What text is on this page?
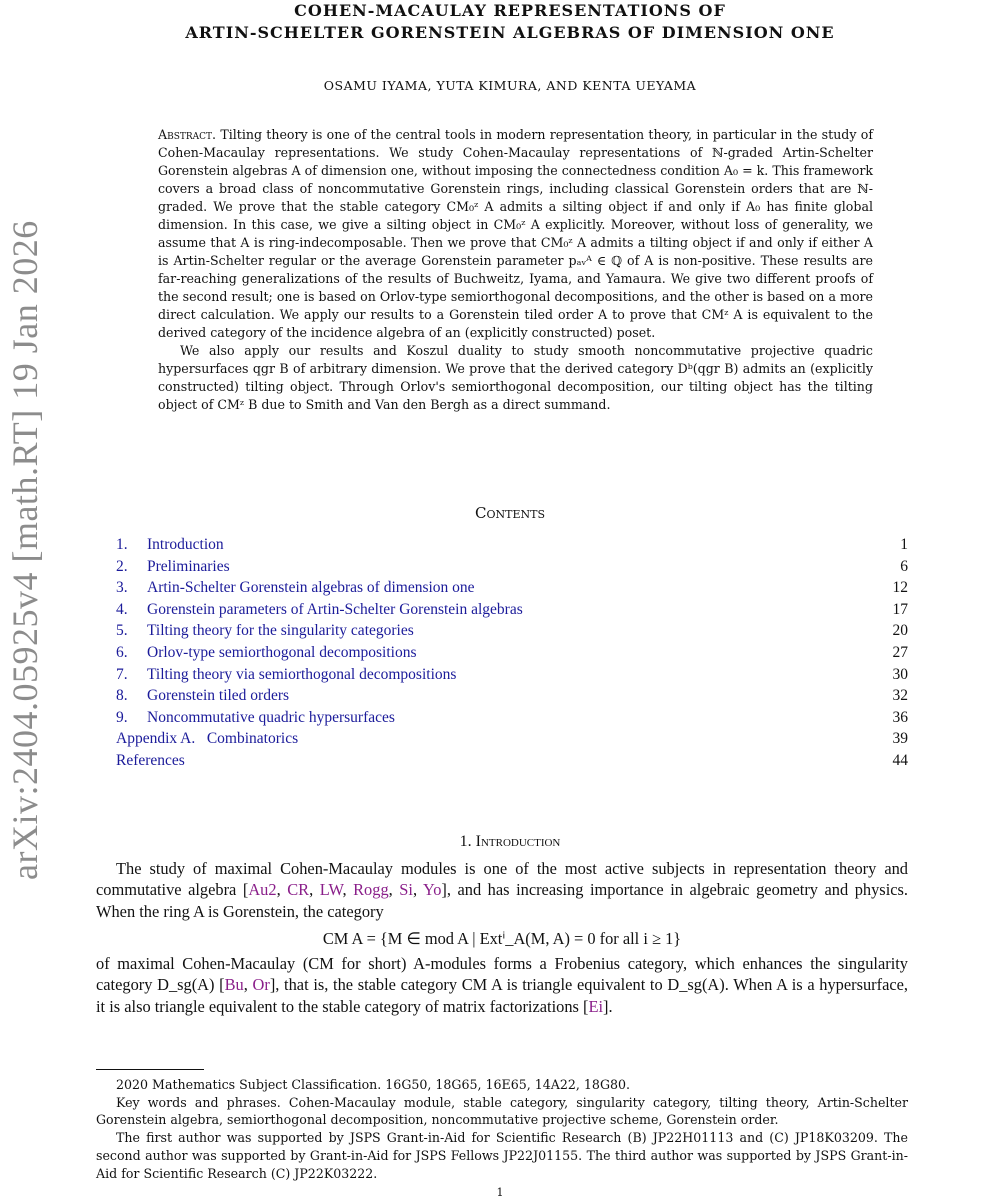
arXiv:2404.05925v4 [math.RT] 19 Jan 2026
COHEN-MACAULAY REPRESENTATIONS OF
ARTIN-SCHELTER GORENSTEIN ALGEBRAS OF DIMENSION ONE
OSAMU IYAMA, YUTA KIMURA, AND KENTA UEYAMA

Abstract. Tilting theory is one of the central tools in modern representation theory, in particular in the study of Cohen-Macaulay representations. We study Cohen-Macaulay representations of ℕ-graded Artin-Schelter Gorenstein algebras A of dimension one, without imposing the connectedness condition A₀ = k. This framework covers a broad class of noncommutative Gorenstein rings, including classical Gorenstein orders that are ℕ-graded. We prove that the stable category CM₀ᶻ A admits a silting object if and only if A₀ has finite global dimension. In this case, we give a silting object in CM₀ᶻ A explicitly. Moreover, without loss of generality, we assume that A is ring-indecomposable. Then we prove that CM₀ᶻ A admits a tilting object if and only if either A is Artin-Schelter regular or the average Gorenstein parameter pₐᵥᴬ ∈ ℚ of A is non-positive. These results are far-reaching generalizations of the results of Buchweitz, Iyama, and Yamaura. We give two different proofs of the second result; one is based on Orlov-type semiorthogonal decompositions, and the other is based on a more direct calculation. We apply our results to a Gorenstein tiled order A to prove that CMᶻ A is equivalent to the derived category of the incidence algebra of an (explicitly constructed) poset.

We also apply our results and Koszul duality to study smooth noncommutative projective quadric hypersurfaces qgr B of arbitrary dimension. We prove that the derived category Dᵇ(qgr B) admits an (explicitly constructed) tilting object. Through Orlov's semiorthogonal decomposition, our tilting object has the tilting object of CMᶻ B due to Smith and Van den Bergh as a direct summand.

Contents
1. Introduction	1
2. Preliminaries	6
3. Artin-Schelter Gorenstein algebras of dimension one	12
4. Gorenstein parameters of Artin-Schelter Gorenstein algebras	17
5. Tilting theory for the singularity categories	20
6. Orlov-type semiorthogonal decompositions	27
7. Tilting theory via semiorthogonal decompositions	30
8. Gorenstein tiled orders	32
9. Noncommutative quadric hypersurfaces	36
Appendix A.   Combinatorics	39
References	44
1. Introduction

The study of maximal Cohen-Macaulay modules is one of the most active subjects in representation theory and commutative algebra [Au2, CR, LW, Rogg, Si, Yo], and has increasing importance in algebraic geometry and physics. When the ring A is Gorenstein, the category

CM A = {M ∈ mod A | Extⁱ_A(M, A) = 0 for all i ≥ 1}

of maximal Cohen-Macaulay (CM for short) A-modules forms a Frobenius category, which enhances the singularity category D_sg(A) [Bu, Or], that is, the stable category CM A is triangle equivalent to D_sg(A). When A is a hypersurface, it is also triangle equivalent to the stable category of matrix factorizations [Ei].

2020 Mathematics Subject Classification. 16G50, 18G65, 16E65, 14A22, 18G80.

Key words and phrases. Cohen-Macaulay module, stable category, singularity category, tilting theory, Artin-Schelter Gorenstein algebra, semiorthogonal decomposition, noncommutative projective scheme, Gorenstein order.

The first author was supported by JSPS Grant-in-Aid for Scientific Research (B) JP22H01113 and (C) JP18K03209. The second author was supported by Grant-in-Aid for JSPS Fellows JP22J01155. The third author was supported by JSPS Grant-in-Aid for Scientific Research (C) JP22K03222.

1
